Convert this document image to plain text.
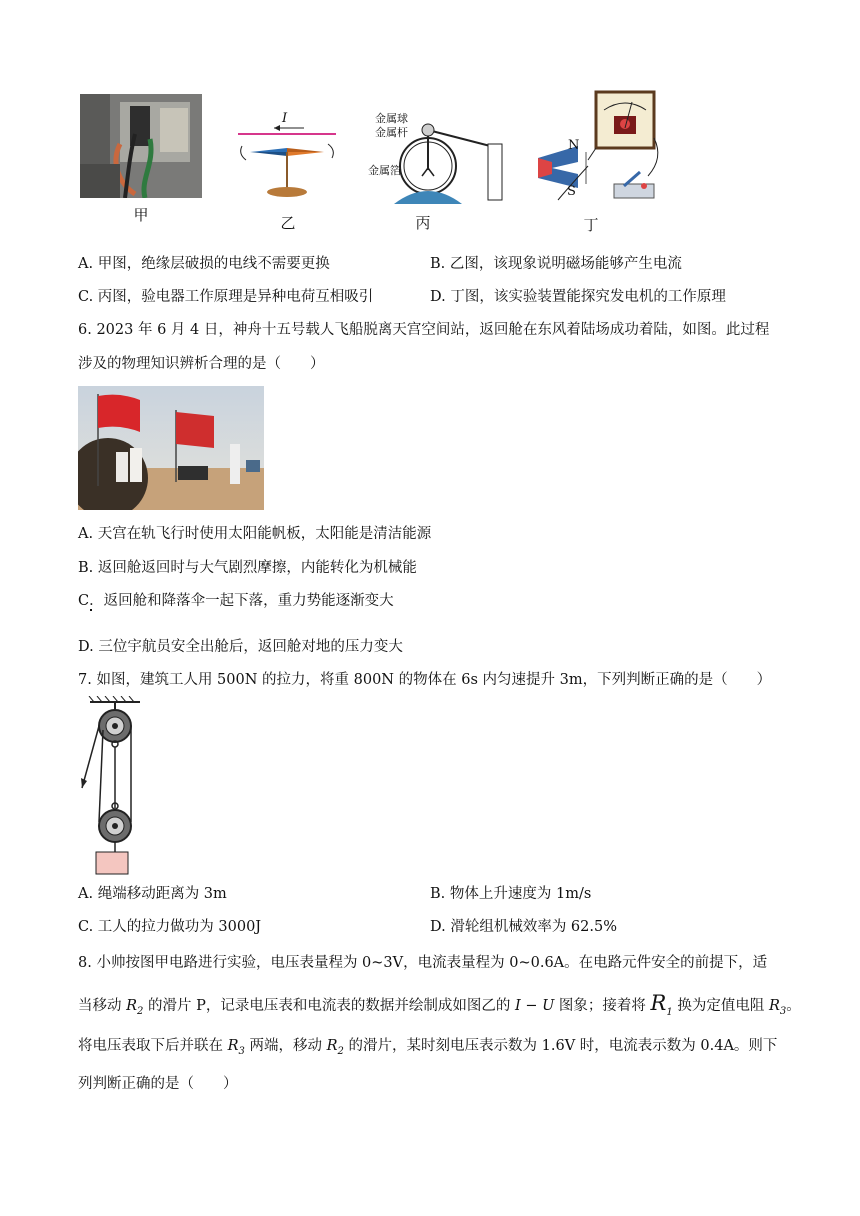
甲
I
乙
金属球
金属杆
金属箔
丙
N
S
丁
A. 甲图，绝缘层破损的电线不需要更换	B. 乙图，该现象说明磁场能够产生电流
C. 丙图，验电器工作原理是异种电荷互相吸引	D. 丁图，该实验装置能探究发电机的工作原理
6. 2023 年 6 月 4 日，神舟十五号载人飞船脱离天宫空间站，返回舱在东风着陆场成功着陆，如图。此过程
涉及的物理知识辨析合理的是（　　）
A. 天宫在轨飞行时使用太阳能帆板，太阳能是清洁能源
B. 返回舱返回时与大气剧烈摩擦，内能转化为机械能
C．返回舱和降落伞一起下落，重力势能逐渐变大
D. 三位宇航员安全出舱后，返回舱对地的压力变大
7. 如图，建筑工人用 500N 的拉力，将重 800N 的物体在 6s 内匀速提升 3m，下列判断正确的是（　　）
A. 绳端移动距离为 3m	B. 物体上升速度为 1m/s
C. 工人的拉力做功为 3000J	D. 滑轮组机械效率为 62.5%
8. 小帅按图甲电路进行实验，电压表量程为 0~3V，电流表量程为 0~0.6A。在电路元件安全的前提下，适
当移动 $R_2$ 的滑片 P，记录电压表和电流表的数据并绘制成如图乙的 I − U 图象；接着将 $R_1$ 换为定值电阻 $R_3$。
将电压表取下后并联在 $R_3$ 两端，移动 $R_2$ 的滑片，某时刻电压表示数为 1.6V 时，电流表示数为 0.4A。则下
列判断正确的是（　　）
